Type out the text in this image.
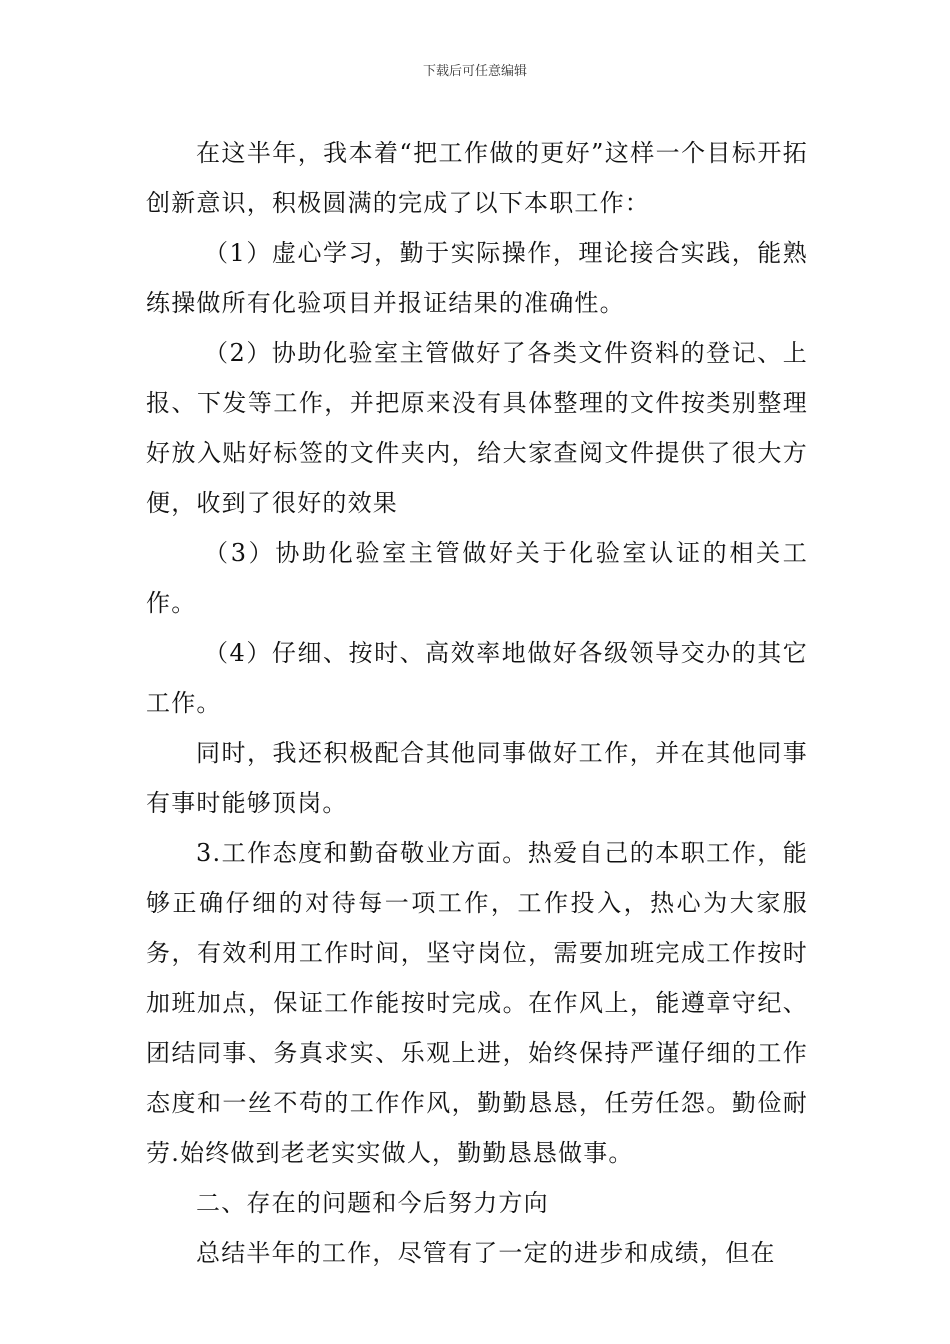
下载后可任意编辑

在这半年，我本着“把工作做的更好”这样一个目标开拓创新意识，积极圆满的完成了以下本职工作：

（1）虚心学习，勤于实际操作，理论接合实践，能熟练操做所有化验项目并报证结果的准确性。

（2）协助化验室主管做好了各类文件资料的登记、上报、下发等工作，并把原来没有具体整理的文件按类别整理好放入贴好标签的文件夹内，给大家查阅文件提供了很大方便，收到了很好的效果

（3）协助化验室主管做好关于化验室认证的相关工作。

（4）仔细、按时、高效率地做好各级领导交办的其它工作。

同时，我还积极配合其他同事做好工作，并在其他同事有事时能够顶岗。

3.工作态度和勤奋敬业方面。热爱自己的本职工作，能够正确仔细的对待每一项工作，工作投入，热心为大家服务，有效利用工作时间，坚守岗位，需要加班完成工作按时加班加点，保证工作能按时完成。在作风上，能遵章守纪、团结同事、务真求实、乐观上进，始终保持严谨仔细的工作态度和一丝不苟的工作作风，勤勤恳恳，任劳任怨。勤俭耐劳.始终做到老老实实做人，勤勤恳恳做事。

二、存在的问题和今后努力方向

总结半年的工作，尽管有了一定的进步和成绩，但在
